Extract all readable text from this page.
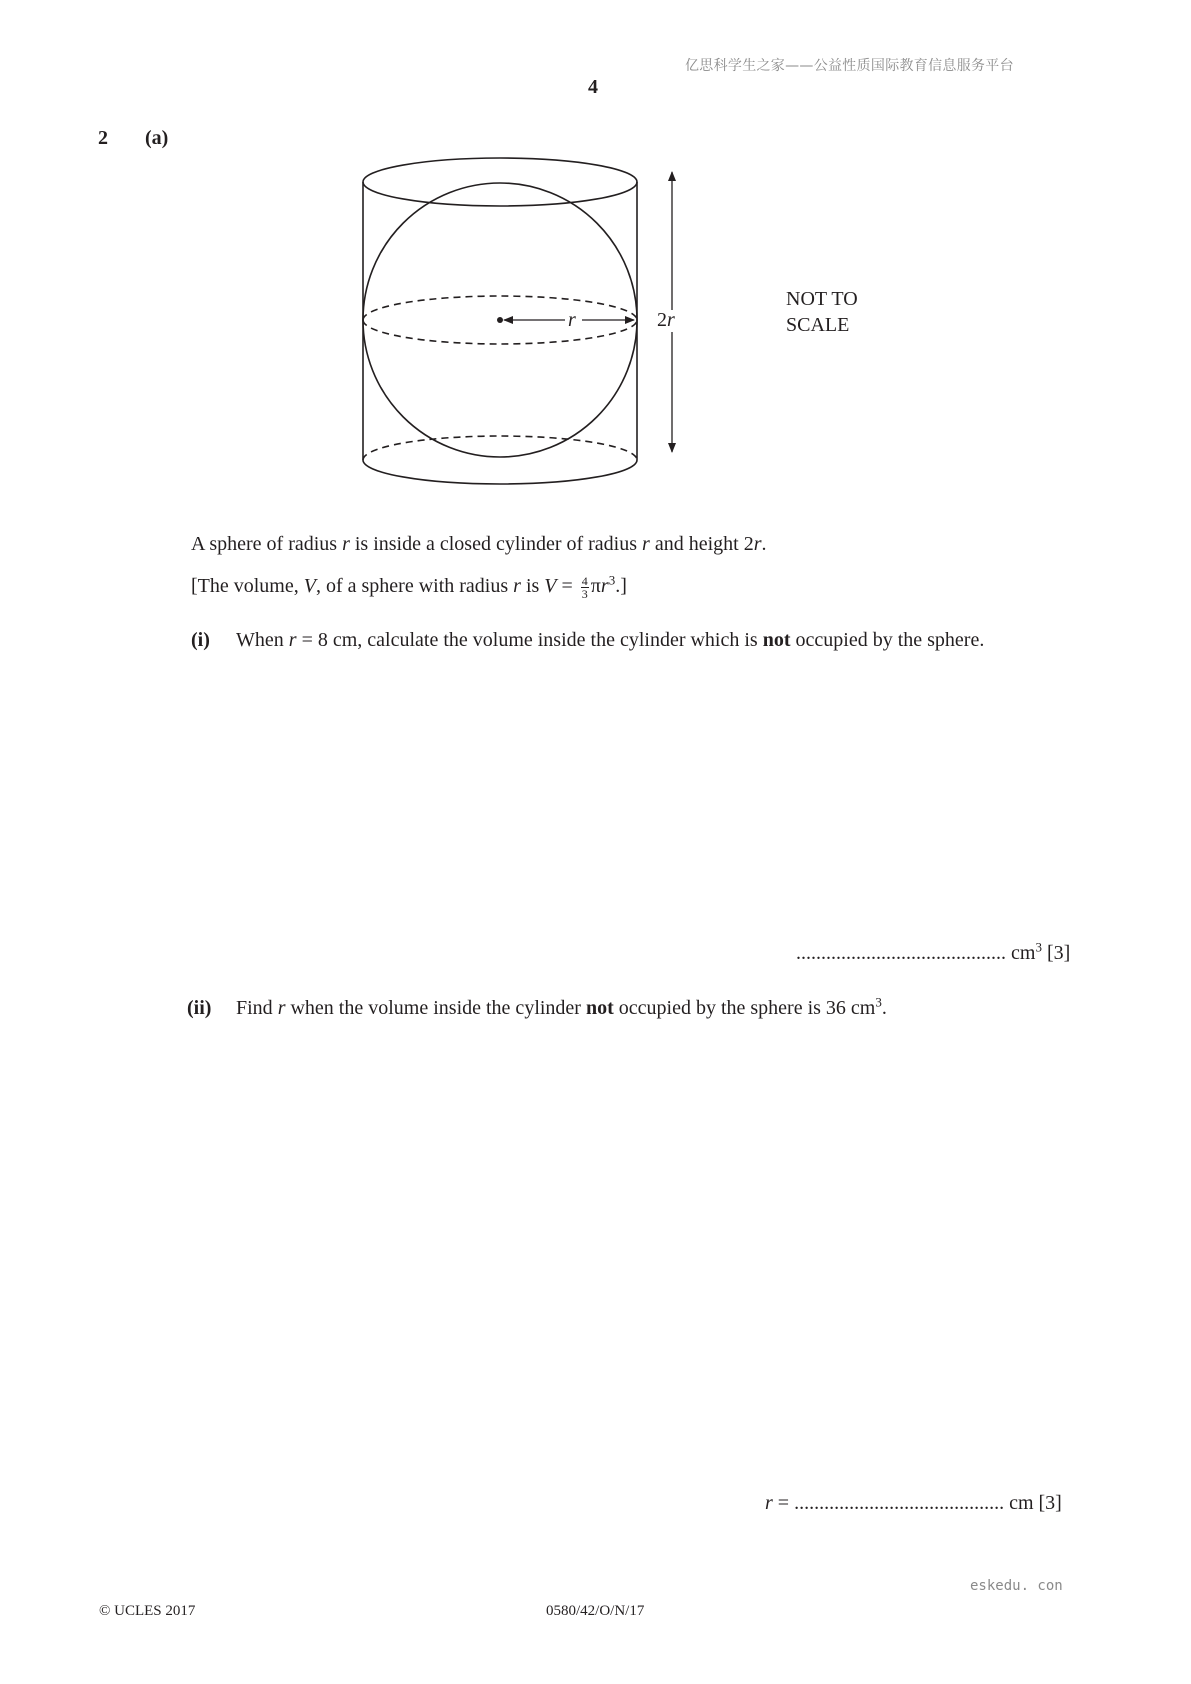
亿思科学生之家——公益性质国际教育信息服务平台
4
2 (a)
r	2r
NOT TO
SCALE
A sphere of radius r is inside a closed cylinder of radius r and height 2r.
[The volume, V, of a sphere with radius r is $V = \frac{4}{3} \pi r^3$.]
(i) When r = 8 cm, calculate the volume inside the cylinder which is not occupied by the sphere.
.......................................... $cm^3$ [3]
(ii) Find r when the volume inside the cylinder not occupied by the sphere is 36 $cm^3$.
r = .......................................... cm [3]
eskedu. con
© UCLES 2017	0580/42/O/N/17
